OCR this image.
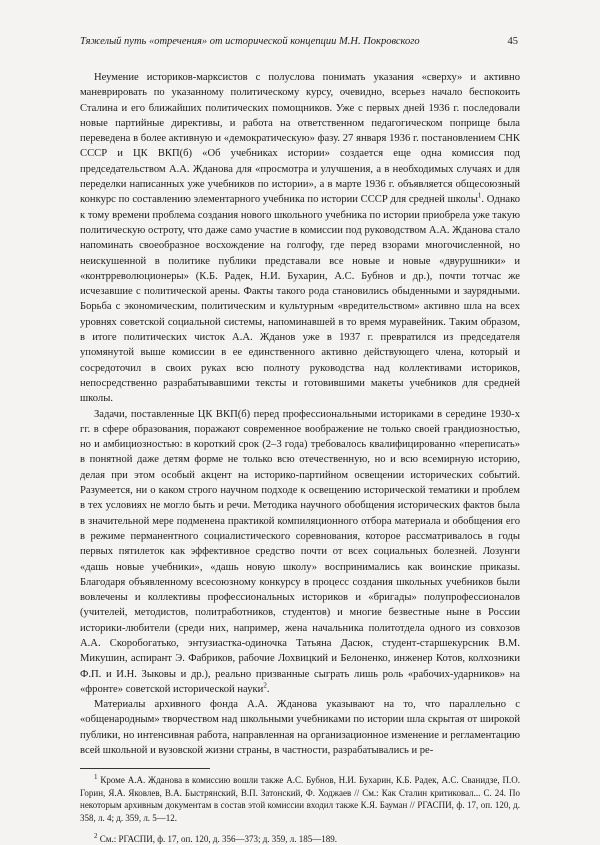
Тяжелый путь «отречения» от исторической концепции М.Н. Покровского	45

Неумение историков-марксистов с полуслова понимать указания «сверху» и активно маневрировать по указанному политическому курсу, очевидно, всерьез начало беспокоить Сталина и его ближайших политических помощников. Уже с первых дней 1936 г. последовали новые партийные директивы, и работа на ответственном педагогическом поприще была переведена в более активную и «демократическую» фазу. 27 января 1936 г. постановлением СНК СССР и ЦК ВКП(б) «Об учебниках истории» создается еще одна комиссия под председательством А.А. Жданова для «просмотра и улучшения, а в необходимых случаях и для переделки написанных уже учебников по истории», а в марте 1936 г. объявляется общесоюзный конкурс по составлению элементарного учебника по истории СССР для средней школы$^1$. Однако к тому времени проблема создания нового школьного учебника по истории приобрела уже такую политическую остроту, что даже само участие в комиссии под руководством А.А. Жданова стало напоминать своеобразное восхождение на голгофу, где перед взорами многочисленной, но неискушенной в политике публики представали все новые и новые «двурушники» и «контрреволюционеры» (К.Б. Радек, Н.И. Бухарин, А.С. Бубнов и др.), почти тотчас же исчезавшие с политической арены. Факты такого рода становились обыденными и заурядными. Борьба с экономическим, политическим и культурным «вредительством» активно шла на всех уровнях советской социальной системы, напоминавшей в то время муравейник. Таким образом, в итоге политических чисток А.А. Жданов уже в 1937 г. превратился из председателя упомянутой выше комиссии в ее единственного активно действующего члена, который и сосредоточил в своих руках всю полноту руководства над коллективами историков, непосредственно разрабатывавшими тексты и готовившими макеты учебников для средней школы.

Задачи, поставленные ЦК ВКП(б) перед профессиональными историками в середине 1930-х гг. в сфере образования, поражают современное воображение не только своей грандиозностью, но и амбициозностью: в короткий срок (2–3 года) требовалось квалифицированно «переписать» в понятной даже детям форме не только всю отечественную, но и всю всемирную историю, делая при этом особый акцент на историко-партийном освещении исторических событий. Разумеется, ни о каком строго научном подходе к освещению исторической тематики и проблем в тех условиях не могло быть и речи. Методика научного обобщения исторических фактов была в значительной мере подменена практикой компиляционного отбора материала и обобщения его в режиме перманентного социалистического соревнования, которое рассматривалось в годы первых пятилеток как эффективное средство почти от всех социальных болезней. Лозунги «дашь новые учебники», «дашь новую школу» воспринимались как воинские приказы. Благодаря объявленному всесоюзному конкурсу в процесс создания школьных учебников были вовлечены и коллективы профессиональных историков и «бригады» полупрофессионалов (учителей, методистов, политработников, студентов) и многие безвестные ныне в России историки-любители (среди них, например, жена начальника политотдела одного из совхозов А.А. Скоробогатько, энтузиастка-одиночка Татьяна Дасюк, студент-старшекурсник В.М. Микушин, аспирант Э. Фабриков, рабочие Лохвицкий и Белоненко, инженер Котов, колхозники Ф.П. и И.Н. Зыковы и др.), реально призванные сыграть лишь роль «рабочих-ударников» на «фронте» советской исторической науки$^2$.

Материалы архивного фонда А.А. Жданова указывают на то, что параллельно с «общенародным» творчеством над школьными учебниками по истории шла скрытая от широкой публики, но интенсивная работа, направленная на организационное изменение и регламентацию всей школьной и вузовской жизни страны, в частности, разрабатывались и ре-

$^1$ Кроме А.А. Жданова в комиссию вошли также А.С. Бубнов, Н.И. Бухарин, К.Б. Радек, А.С. Сванидзе, П.О. Горин, Я.А. Яковлев, В.А. Быстрянский, В.П. Затонский, Ф. Ходжаев // См.: Как Сталин критиковал... С. 24. По некоторым архивным документам в состав этой комиссии входил также К.Я. Бауман // РГАСПИ, ф. 17, оп. 120, д. 358, л. 4; д. 359, л. 5—12.

$^2$ См.: РГАСПИ, ф. 17, оп. 120, д. 356—373; д. 359, л. 185—189.
